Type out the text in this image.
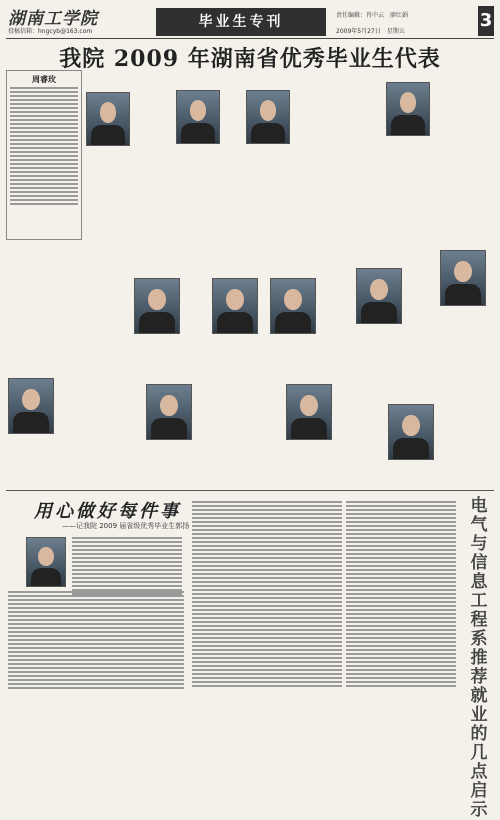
湖南工学院
投稿信箱：hngcyb@163.com
毕业生专刊	责任编辑：肖中云　廖红娟
2009年5月27日　星期五
3
我院 2009 年湖南省优秀毕业生代表
周睿玫
用心做好每件事
——记我院 2009 届省级优秀毕业生郭扬
电气与信息工程系推荐就业的几点启示
